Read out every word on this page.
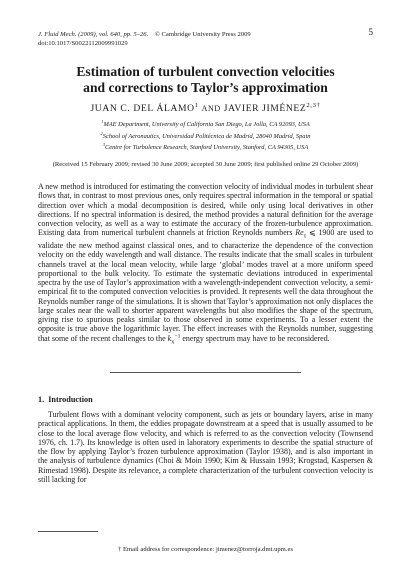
J. Fluid Mech. (2009), vol. 640, pp. 5–26. © Cambridge University Press 2009
doi:10.1017/S0022112009991029
5
Estimation of turbulent convection velocities
and corrections to Taylor’s approximation
JUAN C. DEL ÁLAMO$^1$ AND JAVIER $JIMÉNEZ^{2,3\dagger}$
$^1$MAE Department, University of California San Diego, La Jolla, CA 92093, USA
$^2$School of Aeronautics, Universidad Politécnica de Madrid, 28040 Madrid, Spain
$^3$Centre for Turbulence Research, Stanford University, Stanford, CA 94305, USA
(Received 15 February 2009; revised 30 June 2009; accepted 30 June 2009; first published online 29 October 2009)
A new method is introduced for estimating the convection velocity of individual modes in turbulent shear flows that, in contrast to most previous ones, only requires spectral information in the temporal or spatial direction over which a modal decomposition is desired, while only using local derivatives in other directions. If no spectral information is desired, the method provides a natural definition for the average convection velocity, as well as a way to estimate the accuracy of the frozen-turbulence approximation. Existing data from numerical turbulent channels at friction Reynolds numbers $Re_\tau$ ⩽ 1900 are used to validate the new method against classical ones, and to characterize the dependence of the convection velocity on the eddy wavelength and wall distance. The results indicate that the small scales in turbulent channels travel at the local mean velocity, while large ‘global’ modes travel at a more uniform speed proportional to the bulk velocity. To estimate the systematic deviations introduced in experimental spectra by the use of Taylor’s approximation with a wavelength-independent convection velocity, a semi-empirical fit to the computed convection velocities is provided. It represents well the data throughout the Reynolds number range of the simulations. It is shown that Taylor’s approximation not only displaces the large scales near the wall to shorter apparent wavelengths but also modifies the shape of the spectrum, giving rise to spurious peaks similar to those observed in some experiments. To a lesser extent the opposite is true above the logarithmic layer. The effect increases with the Reynolds number, suggesting that some of the recent challenges to the $k_x^{-1}$ energy spectrum may have to be reconsidered.
1. Introduction
Turbulent flows with a dominant velocity component, such as jets or boundary layers, arise in many practical applications. In them, the eddies propagate downstream at a speed that is usually assumed to be close to the local average flow velocity, and which is referred to as the convection velocity (Townsend 1976, ch. 1.7). Its knowledge is often used in laboratory experiments to describe the spatial structure of the flow by applying Taylor’s frozen turbulence approximation (Taylor 1938), and is also important in the analysis of turbulence dynamics (Choi & Moin 1990; Kim & Hussain 1993; Krogstad, Kaspersen & Rimestad 1998). Despite its relevance, a complete characterization of the turbulent convection velocity is still lacking for
† Email address for correspondence: jimenez@torroja.dmt.upm.es
